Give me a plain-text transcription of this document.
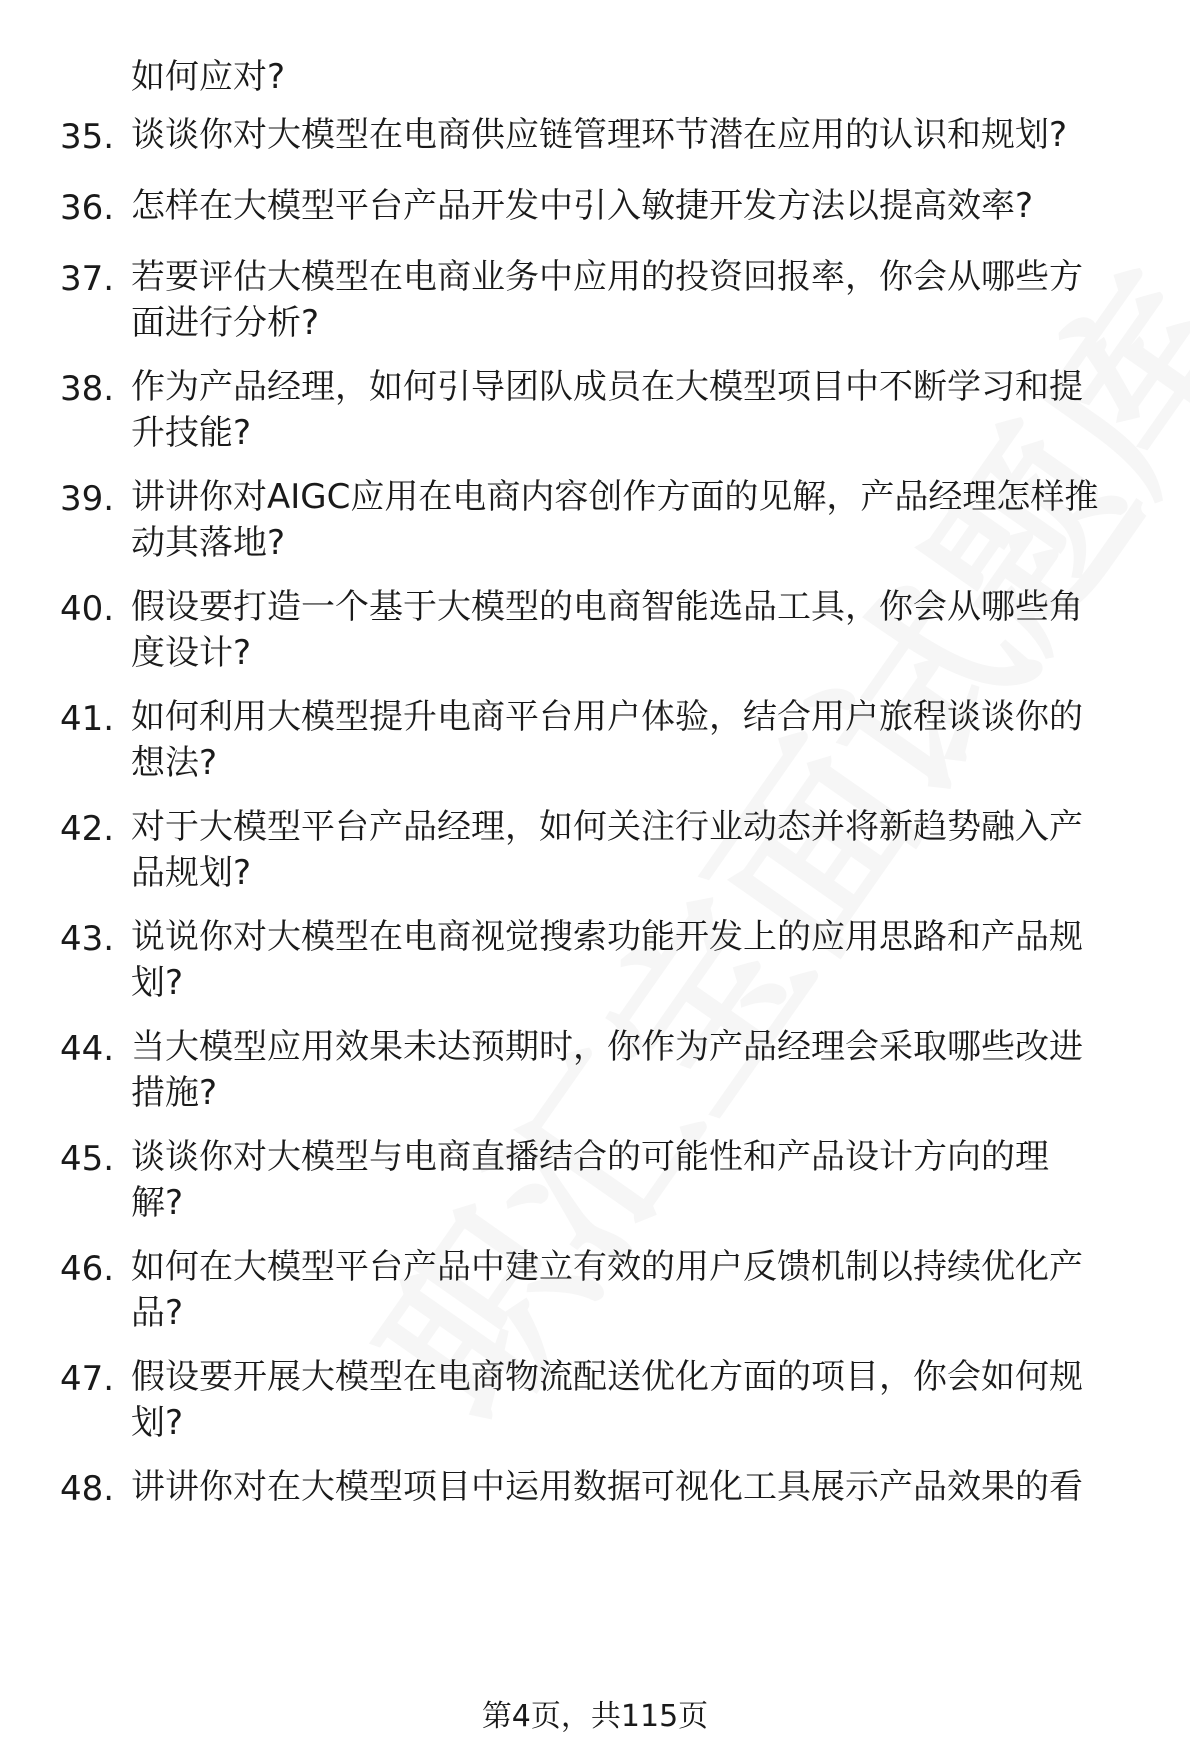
如何应对?
35. 谈谈你对大模型在电商供应链管理环节潜在应用的认识和规划?
36. 怎样在大模型平台产品开发中引入敏捷开发方法以提高效率?
37. 若要评估大模型在电商业务中应用的投资回报率，你会从哪些方
面进行分析?
38. 作为产品经理，如何引导团队成员在大模型项目中不断学习和提
升技能?
39. 讲讲你对AIGC应用在电商内容创作方面的见解，产品经理怎样推
动其落地?
40. 假设要打造一个基于大模型的电商智能选品工具，你会从哪些角
度设计?
41. 如何利用大模型提升电商平台用户体验，结合用户旅程谈谈你的
想法?
42. 对于大模型平台产品经理，如何关注行业动态并将新趋势融入产
品规划?
43. 说说你对大模型在电商视觉搜索功能开发上的应用思路和产品规
划?
44. 当大模型应用效果未达预期时，你作为产品经理会采取哪些改进
措施?
45. 谈谈你对大模型与电商直播结合的可能性和产品设计方向的理
解?
46. 如何在大模型平台产品中建立有效的用户反馈机制以持续优化产
品?
47. 假设要开展大模型在电商物流配送优化方面的项目，你会如何规
划?
48. 讲讲你对在大模型项目中运用数据可视化工具展示产品效果的看
第4页，共115页
